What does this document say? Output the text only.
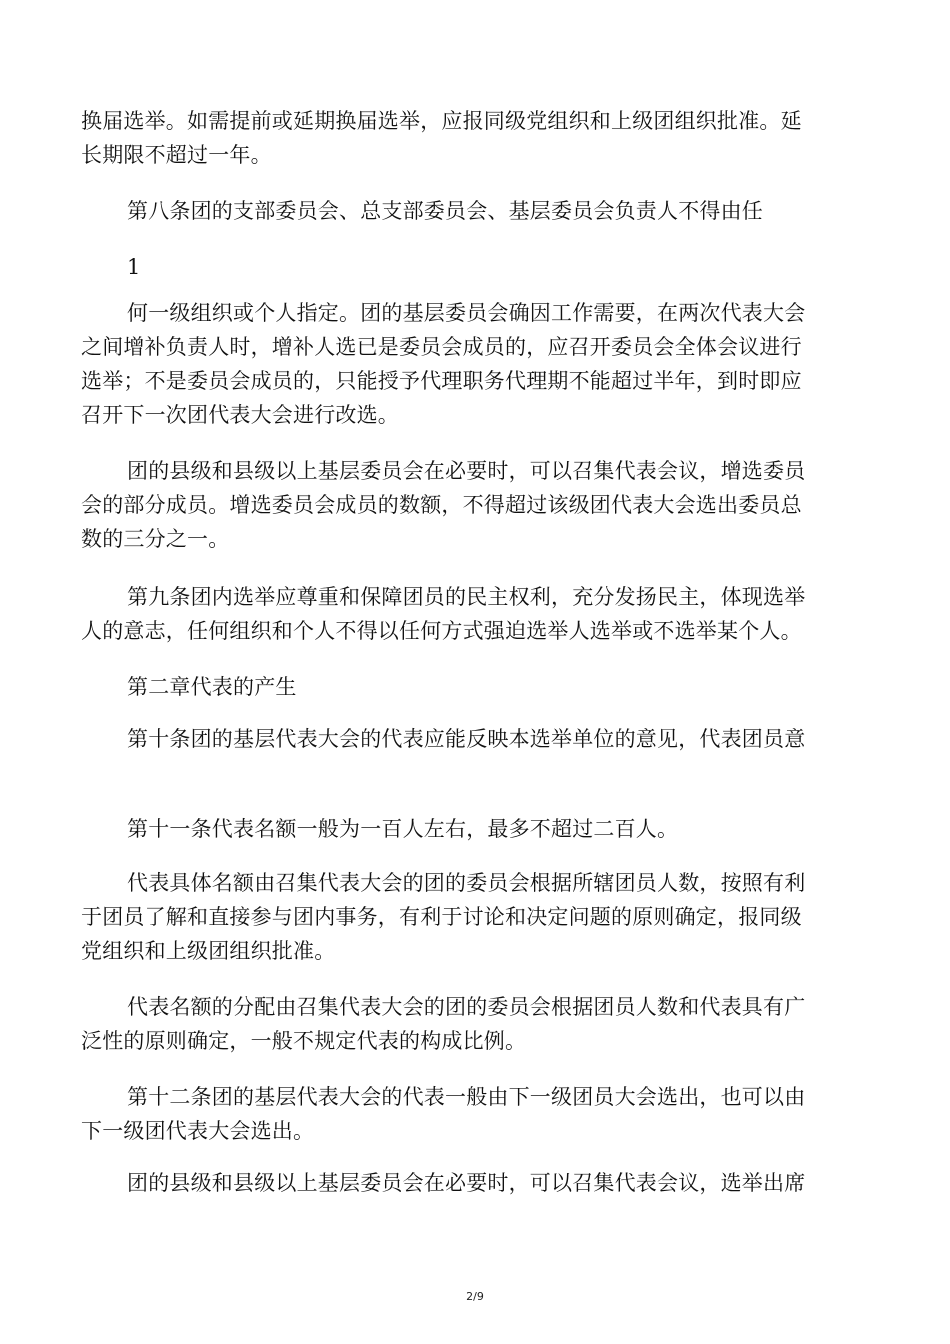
换届选举。如需提前或延期换届选举，应报同级党组织和上级团组织批准。延
长期限不超过一年。
第八条团的支部委员会、总支部委员会、基层委员会负责人不得由任
1
何一级组织或个人指定。团的基层委员会确因工作需要，在两次代表大会
之间增补负责人时，增补人选已是委员会成员的，应召开委员会全体会议进行
选举；不是委员会成员的，只能授予代理职务代理期不能超过半年，到时即应
召开下一次团代表大会进行改选。
团的县级和县级以上基层委员会在必要时，可以召集代表会议，增选委员
会的部分成员。增选委员会成员的数额，不得超过该级团代表大会选出委员总
数的三分之一。
第九条团内选举应尊重和保障团员的民主权利，充分发扬民主，体现选举
人的意志，任何组织和个人不得以任何方式强迫选举人选举或不选举某个人。
第二章代表的产生
第十条团的基层代表大会的代表应能反映本选举单位的意见，代表团员意
第十一条代表名额一般为一百人左右，最多不超过二百人。
代表具体名额由召集代表大会的团的委员会根据所辖团员人数，按照有利
于团员了解和直接参与团内事务，有利于讨论和决定问题的原则确定，报同级
党组织和上级团组织批准。
代表名额的分配由召集代表大会的团的委员会根据团员人数和代表具有广
泛性的原则确定，一般不规定代表的构成比例。
第十二条团的基层代表大会的代表一般由下一级团员大会选出，也可以由
下一级团代表大会选出。
团的县级和县级以上基层委员会在必要时，可以召集代表会议，选举出席
2/9
